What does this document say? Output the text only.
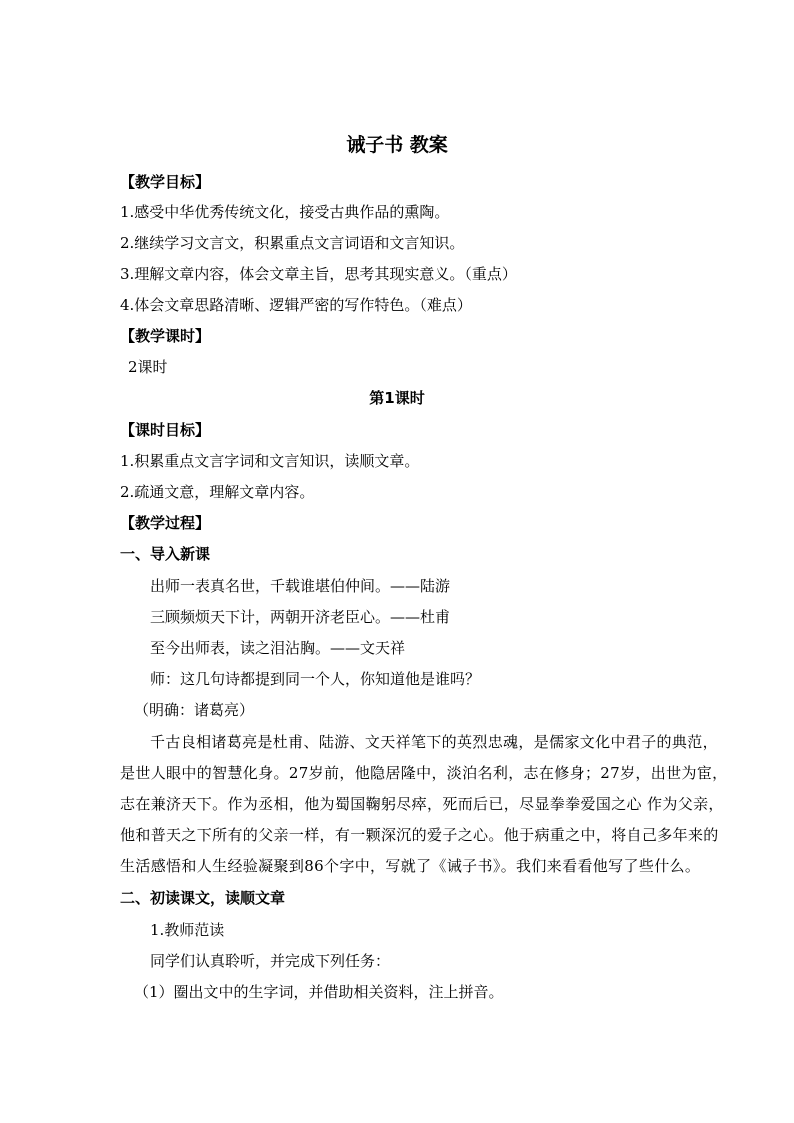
诫子书 教案
【教学目标】
1.感受中华优秀传统文化，接受古典作品的熏陶。
2.继续学习文言文，积累重点文言词语和文言知识。
3.理解文章内容，体会文章主旨，思考其现实意义。（重点）
4.体会文章思路清晰、逻辑严密的写作特色。（难点）
【教学课时】
2课时
第1课时
【课时目标】
1.积累重点文言字词和文言知识，读顺文章。
2.疏通文意，理解文章内容。
【教学过程】
一、导入新课
出师一表真名世，千载谁堪伯仲间。——陆游
三顾频烦天下计，两朝开济老臣心。——杜甫
至今出师表，读之泪沾胸。——文天祥
师：这几句诗都提到同一个人，你知道他是谁吗？
（明确：诸葛亮）
千古良相诸葛亮是杜甫、陆游、文天祥笔下的英烈忠魂，是儒家文化中君子的典范，
是世人眼中的智慧化身。27岁前，他隐居隆中，淡泊名利，志在修身；27岁，出世为宦，
志在兼济天下。作为丞相，他为蜀国鞠躬尽瘁，死而后已，尽显拳拳爱国之心 作为父亲，
他和普天之下所有的父亲一样，有一颗深沉的爱子之心。他于病重之中，将自己多年来的
生活感悟和人生经验凝聚到86个字中，写就了《诫子书》。我们来看看他写了些什么。
二、初读课文，读顺文章
1.教师范读
同学们认真聆听，并完成下列任务：
（1）圈出文中的生字词，并借助相关资料，注上拼音。
